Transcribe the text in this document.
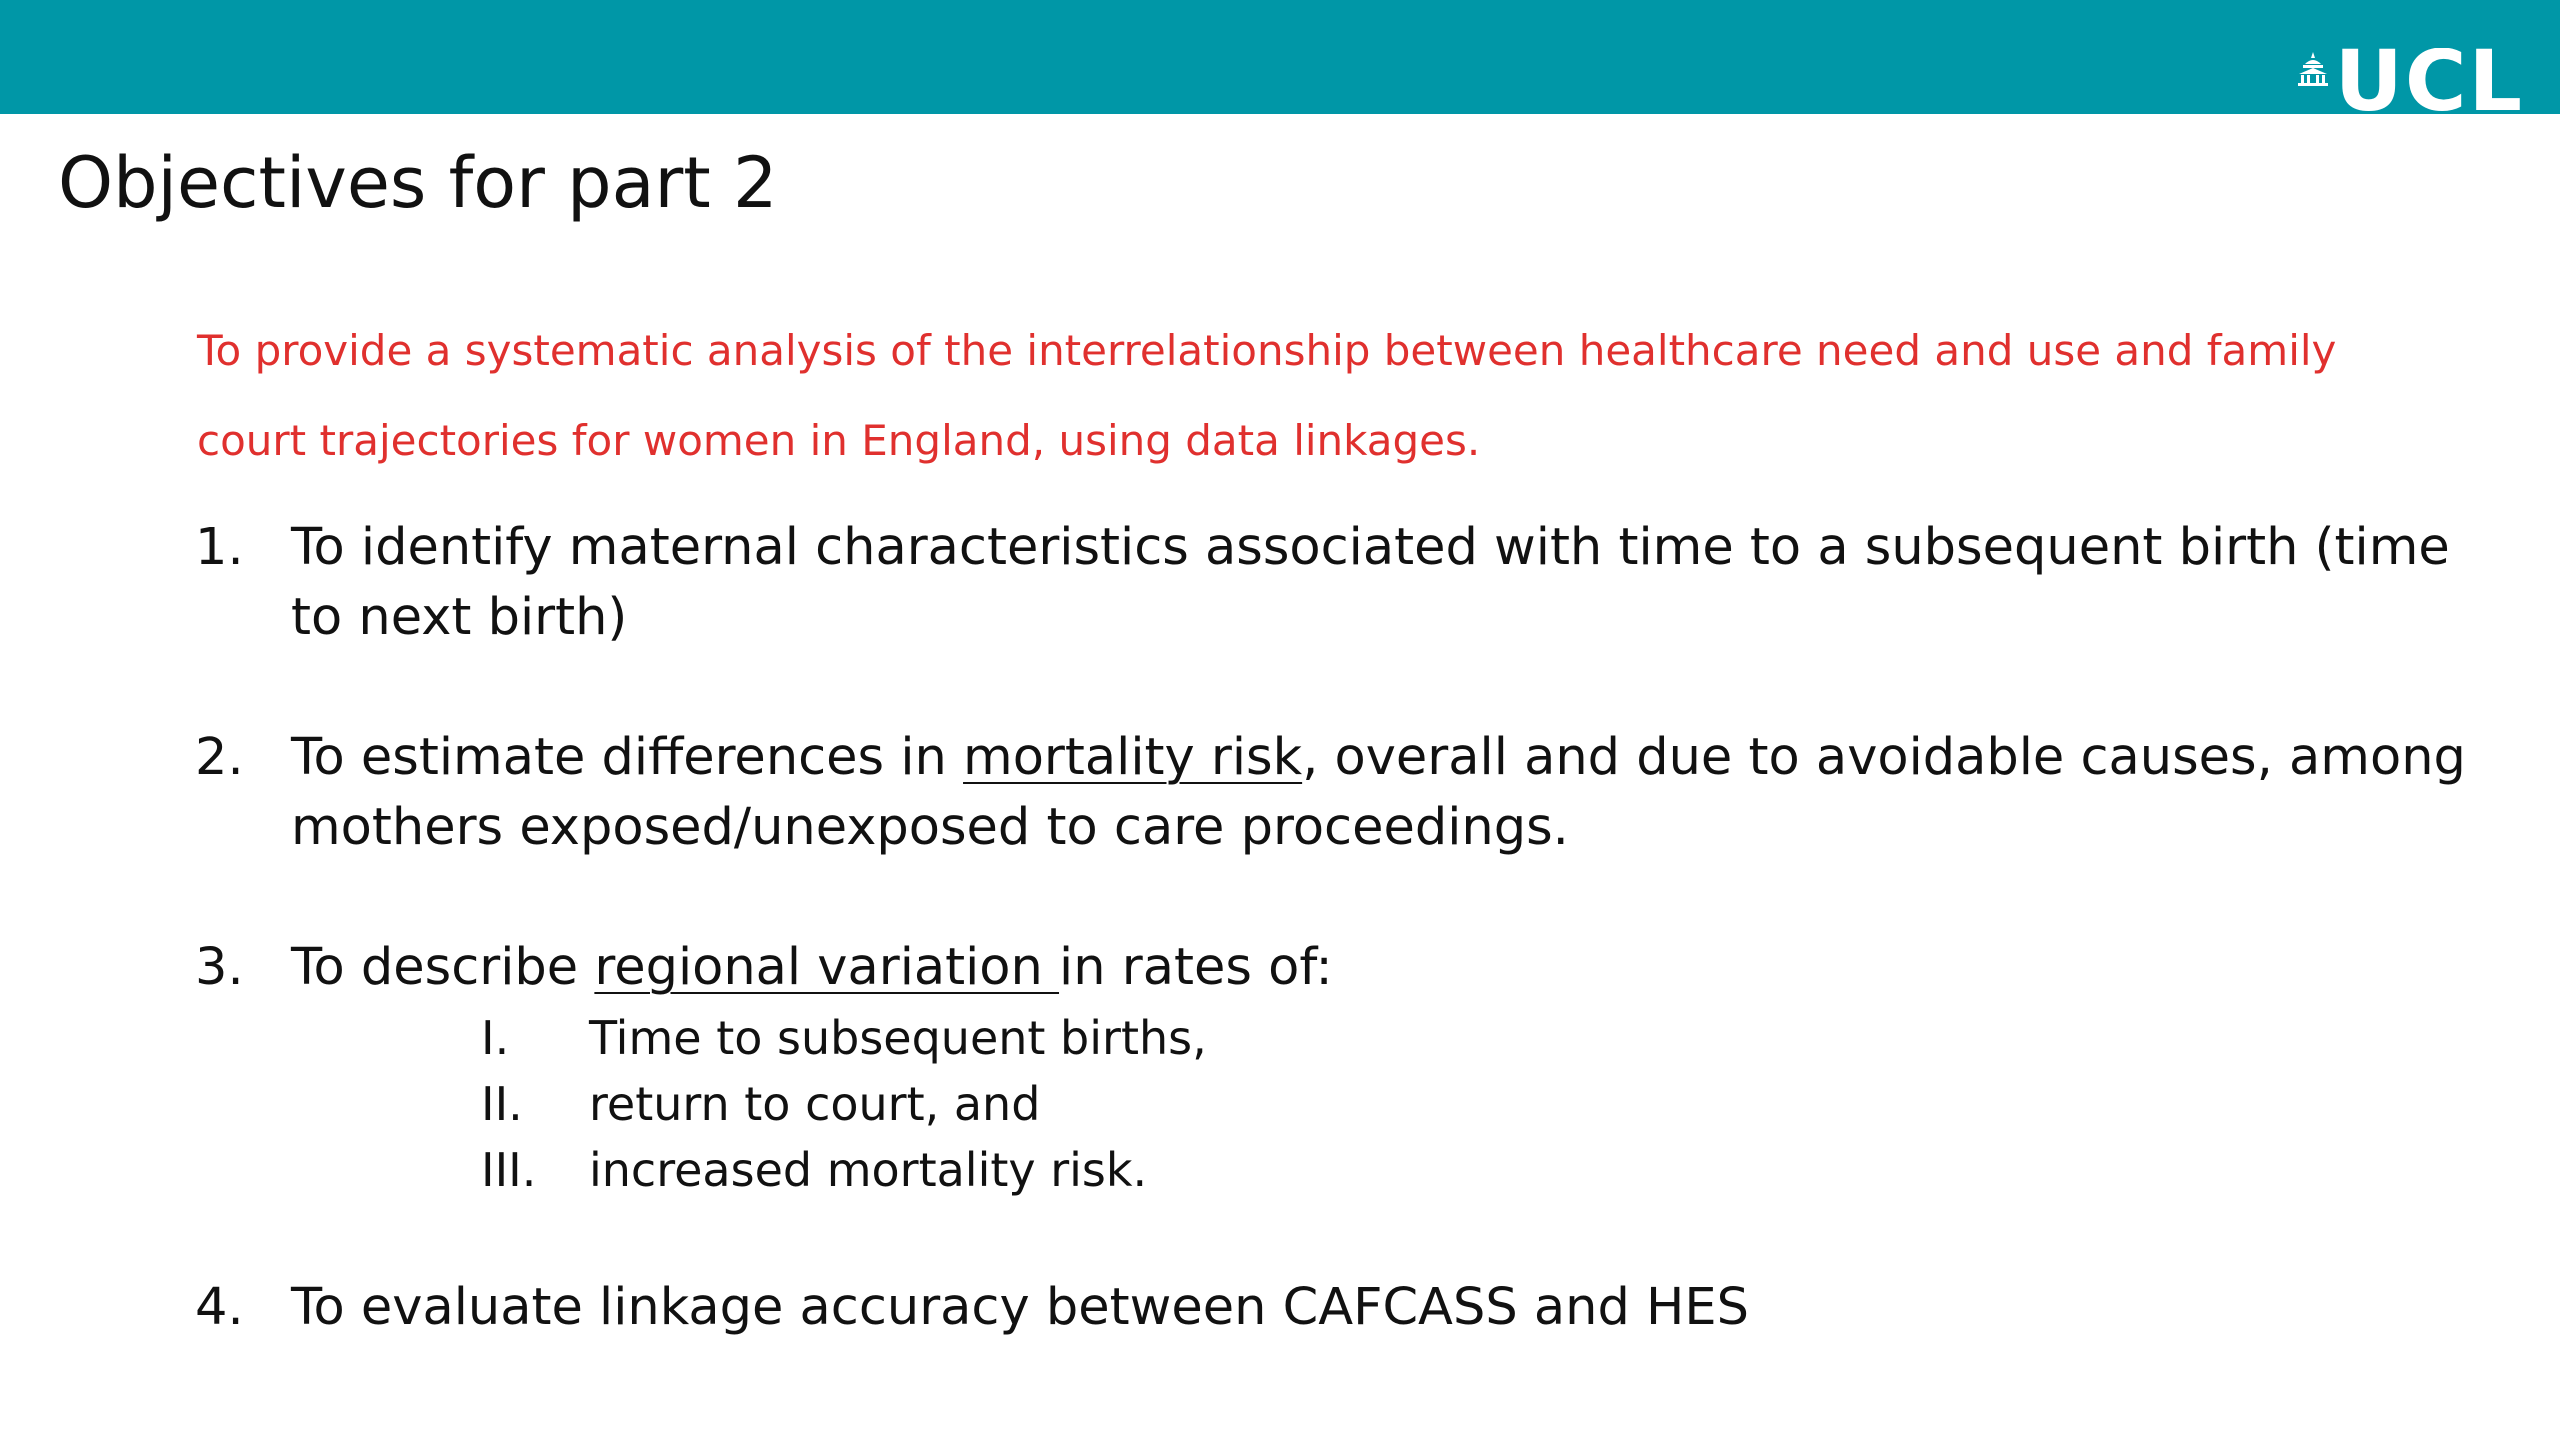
UCL
Objectives for part 2

To provide a systematic analysis of the interrelationship between healthcare need and use and family court trajectories for women in England, using data linkages.

1. To identify maternal characteristics associated with time to a subsequent birth (time to next birth)
2. To estimate differences in mortality risk, overall and due to avoidable causes, among mothers exposed/unexposed to care proceedings.
3. To describe regional variation in rates of:
I.	Time to subsequent births,
II.	return to court, and
III.	increased mortality risk.
4. To evaluate linkage accuracy between CAFCASS and HES
